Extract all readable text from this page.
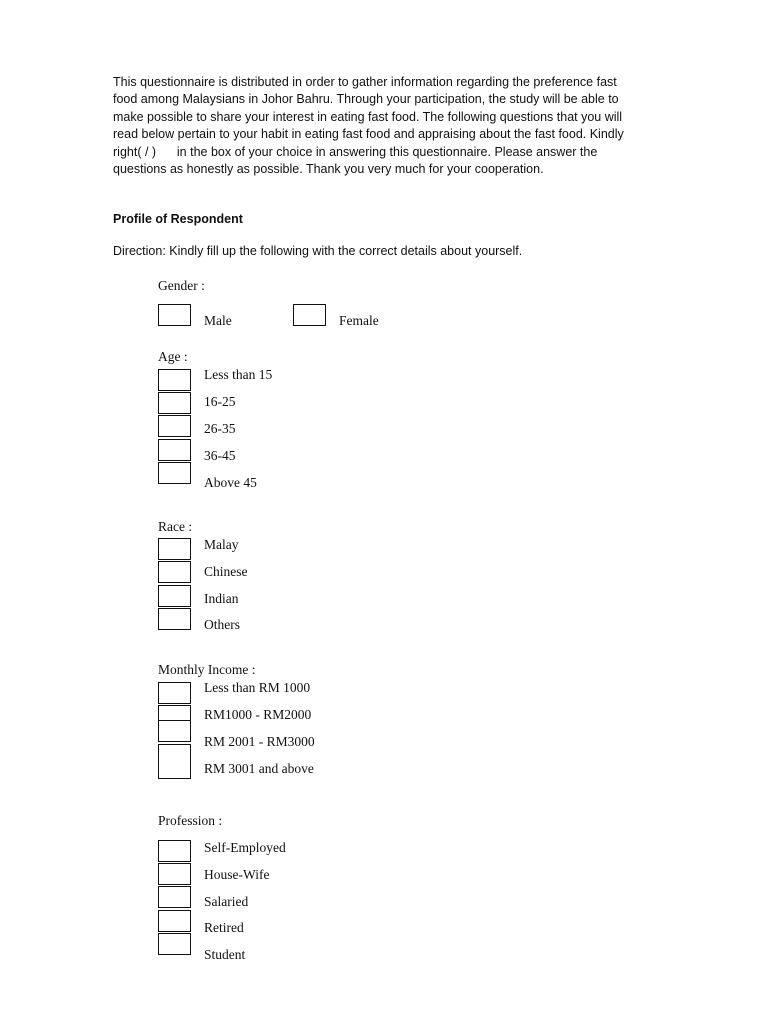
This questionnaire is distributed in order to gather information regarding the preference fast food among Malaysians in Johor Bahru. Through your participation, the study will be able to make possible to share your interest in eating fast food. The following questions that you will read below pertain to your habit in eating fast food and appraising about the fast food. Kindly right( / ) in the box of your choice in answering this questionnaire. Please answer the questions as honestly as possible. Thank you very much for your cooperation.
Profile of Respondent
Direction: Kindly fill up the following with the correct details about yourself.
Gender :
Male	Female
Age :
Less than 15
16-25
26-35
36-45
Above 45
Race :
Malay
Chinese
Indian
Others
Monthly Income :
Less than RM 1000
RM1000 - RM2000
RM 2001 - RM3000
RM 3001 and above
Profession :
Self-Employed
House-Wife
Salaried
Retired
Student
